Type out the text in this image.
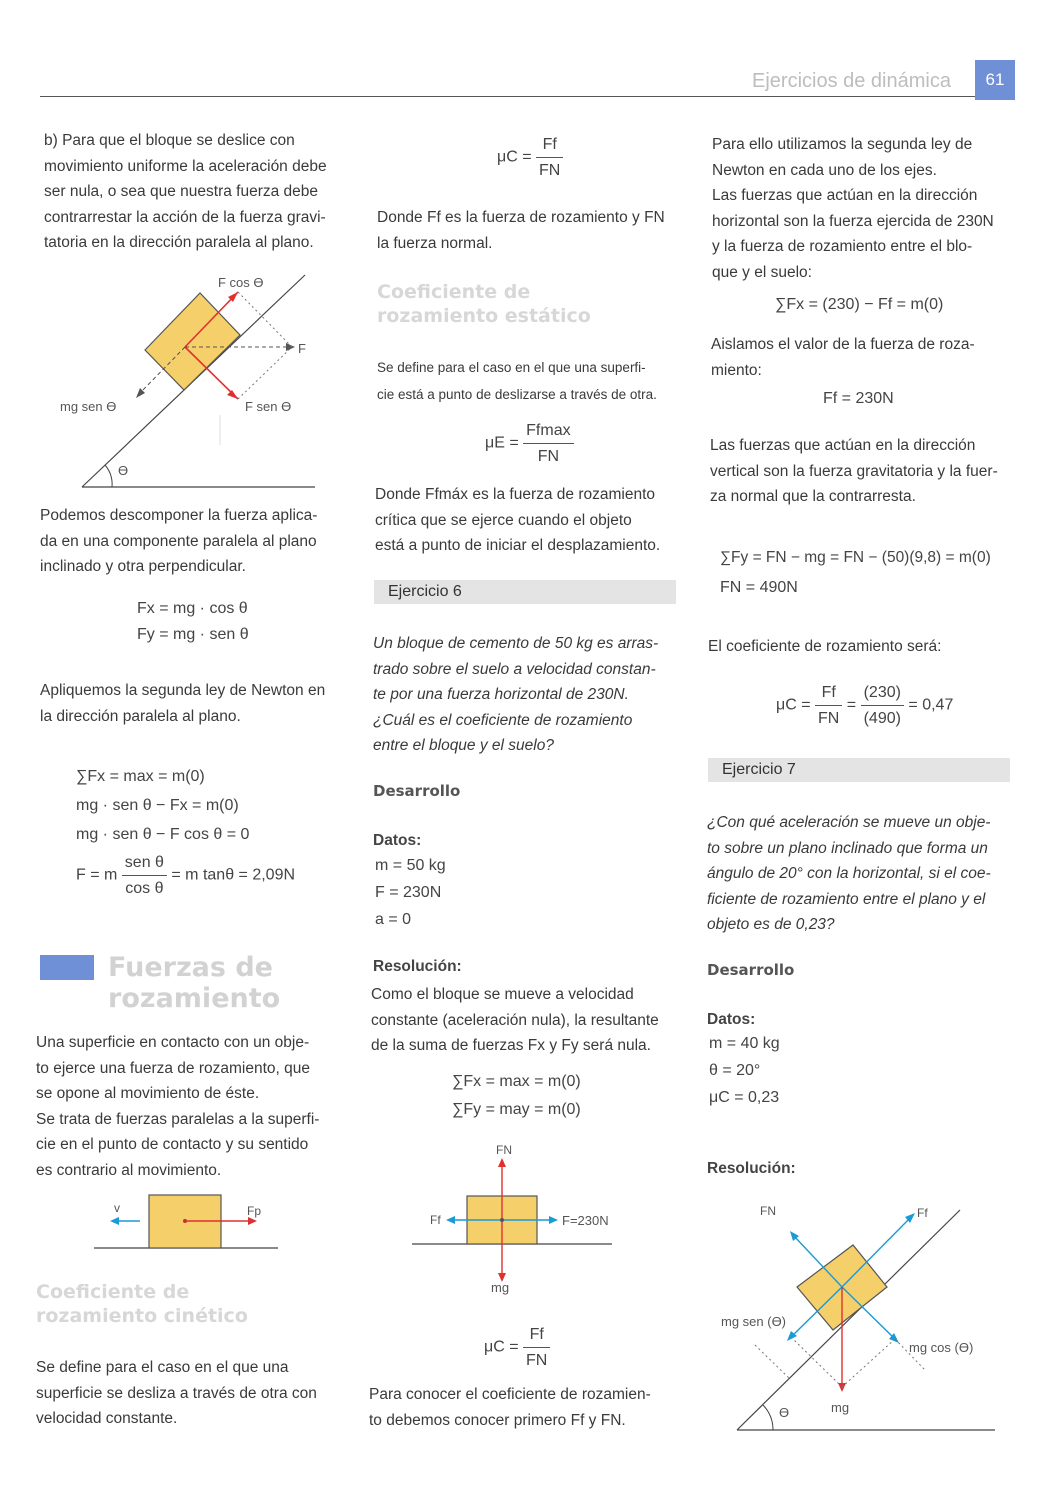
Ejercicios de dinámica	61
b) Para que el bloque se deslice con
movimiento uniforme la aceleración debe
ser nula, o sea que nuestra fuerza debe
contrarrestar la acción de la fuerza gravi-
tatoria en la dirección paralela al plano.
F cos ϴ
F
mg sen ϴ	F sen ϴ
ϴ
Podemos descomponer la fuerza aplica-
da en una componente paralela al plano
inclinado y otra perpendicular.
Fx = mg · cos θ
Fy = mg · sen θ
Apliquemos la segunda ley de Newton en
la dirección paralela al plano.
∑Fx = max = m(0)
mg · sen θ − Fx = m(0)
mg · sen θ − F cos θ = 0
F = m $\frac{\text{sen θ}}{\text{cos θ}} = m$ tanθ = 2,09N
Fuerzas de
rozamiento
Una superficie en contacto con un obje-
to ejerce una fuerza de rozamiento, que
se opone al movimiento de éste.
Se trata de fuerzas paralelas a la superfi-
cie en el punto de contacto y su sentido
es contrario al movimiento.
v	Fp
Coeficiente de
rozamiento cinético
Se define para el caso en el que una
superficie se desliza a través de otra con
velocidad constante.
$\mu C = \frac{Ff}{FN}$
Donde Ff es la fuerza de rozamiento y FN
la fuerza normal.
Coeficiente de
rozamiento estático
Se define para el caso en el que una superfi-
cie está a punto de deslizarse a través de otra.
$\mu E = \frac{Ffmax}{FN}$
Donde Ffmáx es la fuerza de rozamiento
crítica que se ejerce cuando el objeto
está a punto de iniciar el desplazamiento.
Ejercicio 6
Un bloque de cemento de 50 kg es arras-
trado sobre el suelo a velocidad constan-
te por una fuerza horizontal de 230N.
¿Cuál es el coeficiente de rozamiento
entre el bloque y el suelo?
Desarrollo
Datos:
m = 50 kg
F = 230N
a = 0
Resolución:
Como el bloque se mueve a velocidad
constante (aceleración nula), la resultante
de la suma de fuerzas Fx y Fy será nula.
∑Fx = max = m(0)
∑Fy = may = m(0)
FN
Ff	F=230N
mg
$\mu C = \frac{Ff}{FN}$
Para conocer el coeficiente de rozamien-
to debemos conocer primero Ff y FN.
Para ello utilizamos la segunda ley de
Newton en cada uno de los ejes.
Las fuerzas que actúan en la dirección
horizontal son la fuerza ejercida de 230N
y la fuerza de rozamiento entre el blo-
que y el suelo:
∑Fx = (230) − Ff = m(0)
Aislamos el valor de la fuerza de roza-
miento:
Ff = 230N
Las fuerzas que actúan en la dirección
vertical son la fuerza gravitatoria y la fuer-
za normal que la contrarresta.
∑Fy = FN − mg = FN − (50)(9,8) = m(0)
FN = 490N
El coeficiente de rozamiento será:
$\mu C = \frac{Ff}{FN} = \frac{(230)}{(490)} = 0,47$
Ejercicio 7
¿Con qué aceleración se mueve un obje-
to sobre un plano inclinado que forma un
ángulo de 20° con la horizontal, si el coe-
ficiente de rozamiento entre el plano y el
objeto es de 0,23?
Desarrollo
Datos:
m = 40 kg
θ = 20°
μC = 0,23
Resolución:
FN	Ff
mg sen (ϴ)
mg cos (ϴ)
mg
ϴ
